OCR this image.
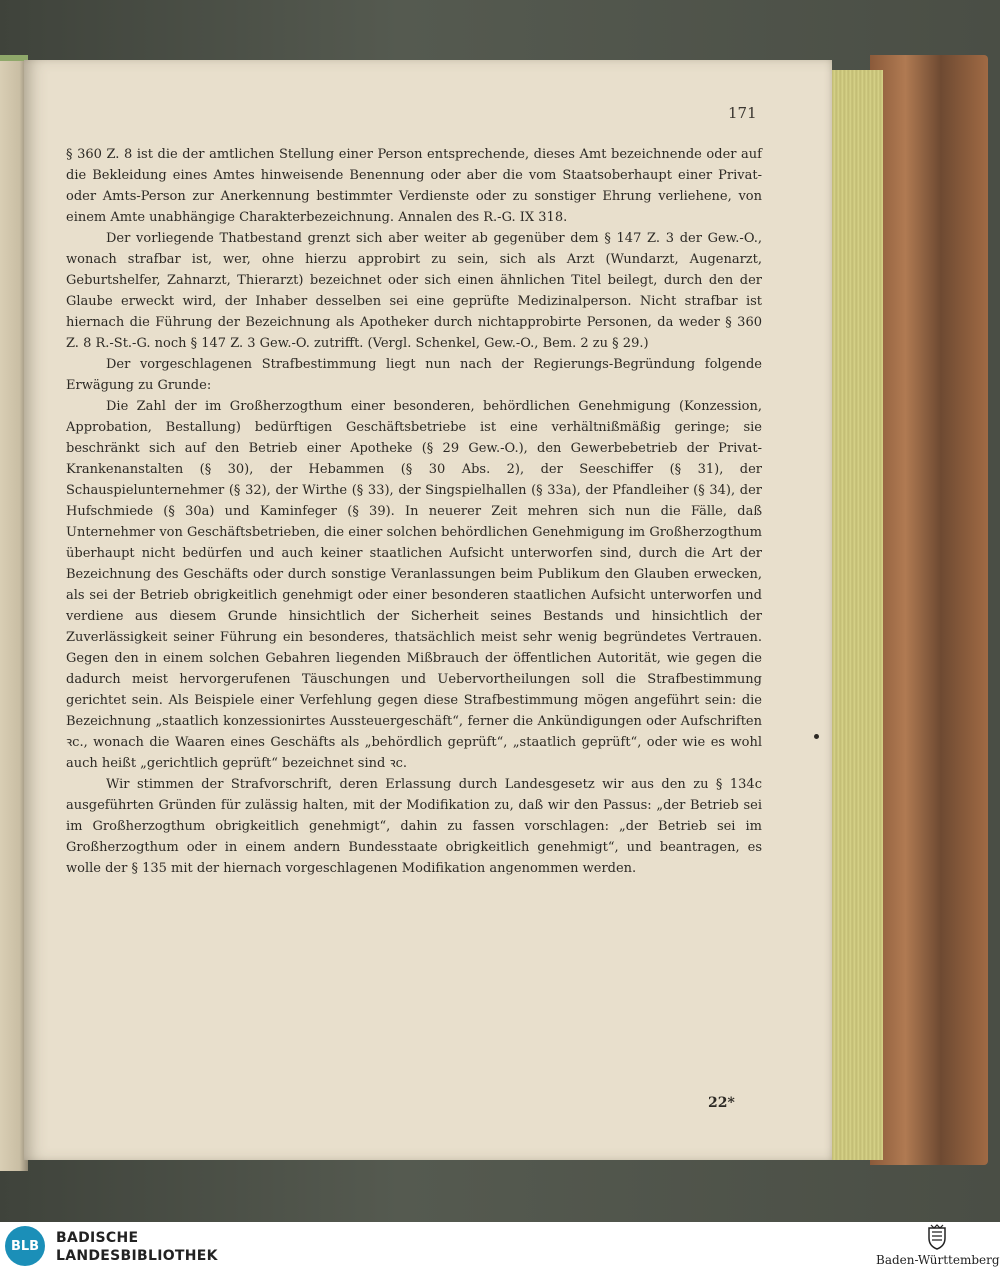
171

§ 360 Z. 8 ist die der amtlichen Stellung einer Person entsprechende, dieses Amt bezeichnende oder auf die Bekleidung eines Amtes hinweisende Benennung oder aber die vom Staatsoberhaupt einer Privat- oder Amts-Person zur Anerkennung bestimmter Verdienste oder zu sonstiger Ehrung verliehene, von einem Amte unabhängige Charakterbezeichnung. Annalen des R.-G. IX 318.

Der vorliegende Thatbestand grenzt sich aber weiter ab gegenüber dem § 147 Z. 3 der Gew.-O., wonach strafbar ist, wer, ohne hierzu approbirt zu sein, sich als Arzt (Wundarzt, Augenarzt, Geburtshelfer, Zahnarzt, Thierarzt) bezeichnet oder sich einen ähnlichen Titel beilegt, durch den der Glaube erweckt wird, der Inhaber desselben sei eine geprüfte Medizinalperson. Nicht strafbar ist hiernach die Führung der Bezeichnung als Apotheker durch nichtapprobirte Personen, da weder § 360 Z. 8 R.-St.-G. noch § 147 Z. 3 Gew.-O. zutrifft. (Vergl. Schenkel, Gew.-O., Bem. 2 zu § 29.)

Der vorgeschlagenen Strafbestimmung liegt nun nach der Regierungs-Begründung folgende Erwägung zu Grunde:

Die Zahl der im Großherzogthum einer besonderen, behördlichen Genehmigung (Konzession, Approbation, Bestallung) bedürftigen Geschäftsbetriebe ist eine verhältnißmäßig geringe; sie beschränkt sich auf den Betrieb einer Apotheke (§ 29 Gew.-O.), den Gewerbebetrieb der Privat-Krankenanstalten (§ 30), der Hebammen (§ 30 Abs. 2), der Seeschiffer (§ 31), der Schauspielunternehmer (§ 32), der Wirthe (§ 33), der Singspielhallen (§ 33a), der Pfandleiher (§ 34), der Hufschmiede (§ 30a) und Kaminfeger (§ 39). In neuerer Zeit mehren sich nun die Fälle, daß Unternehmer von Geschäftsbetrieben, die einer solchen behördlichen Genehmigung im Großherzogthum überhaupt nicht bedürfen und auch keiner staatlichen Aufsicht unterworfen sind, durch die Art der Bezeichnung des Geschäfts oder durch sonstige Veranlassungen beim Publikum den Glauben erwecken, als sei der Betrieb obrigkeitlich genehmigt oder einer besonderen staatlichen Aufsicht unterworfen und verdiene aus diesem Grunde hinsichtlich der Sicherheit seines Bestands und hinsichtlich der Zuverlässigkeit seiner Führung ein besonderes, thatsächlich meist sehr wenig begründetes Vertrauen. Gegen den in einem solchen Gebahren liegenden Mißbrauch der öffentlichen Autorität, wie gegen die dadurch meist hervorgerufenen Täuschungen und Uebervortheilungen soll die Strafbestimmung gerichtet sein. Als Beispiele einer Verfehlung gegen diese Strafbestimmung mögen angeführt sein: die Bezeichnung „staatlich konzessionirtes Aussteuergeschäft“, ferner die Ankündigungen oder Aufschriften ꝛc., wonach die Waaren eines Geschäfts als „behördlich geprüft“, „staatlich geprüft“, oder wie es wohl auch heißt „gerichtlich geprüft“ bezeichnet sind ꝛc.

Wir stimmen der Strafvorschrift, deren Erlassung durch Landesgesetz wir aus den zu § 134c ausgeführten Gründen für zulässig halten, mit der Modifikation zu, daß wir den Passus: „der Betrieb sei im Großherzogthum obrigkeitlich genehmigt“, dahin zu fassen vorschlagen: „der Betrieb sei im Großherzogthum oder in einem andern Bundesstaate obrigkeitlich genehmigt“, und beantragen, es wolle der § 135 mit der hiernach vorgeschlagenen Modifikation angenommen werden.

22*
BLB	BADISCHE
LANDESBIBLIOTHEK	Baden-Württemberg
